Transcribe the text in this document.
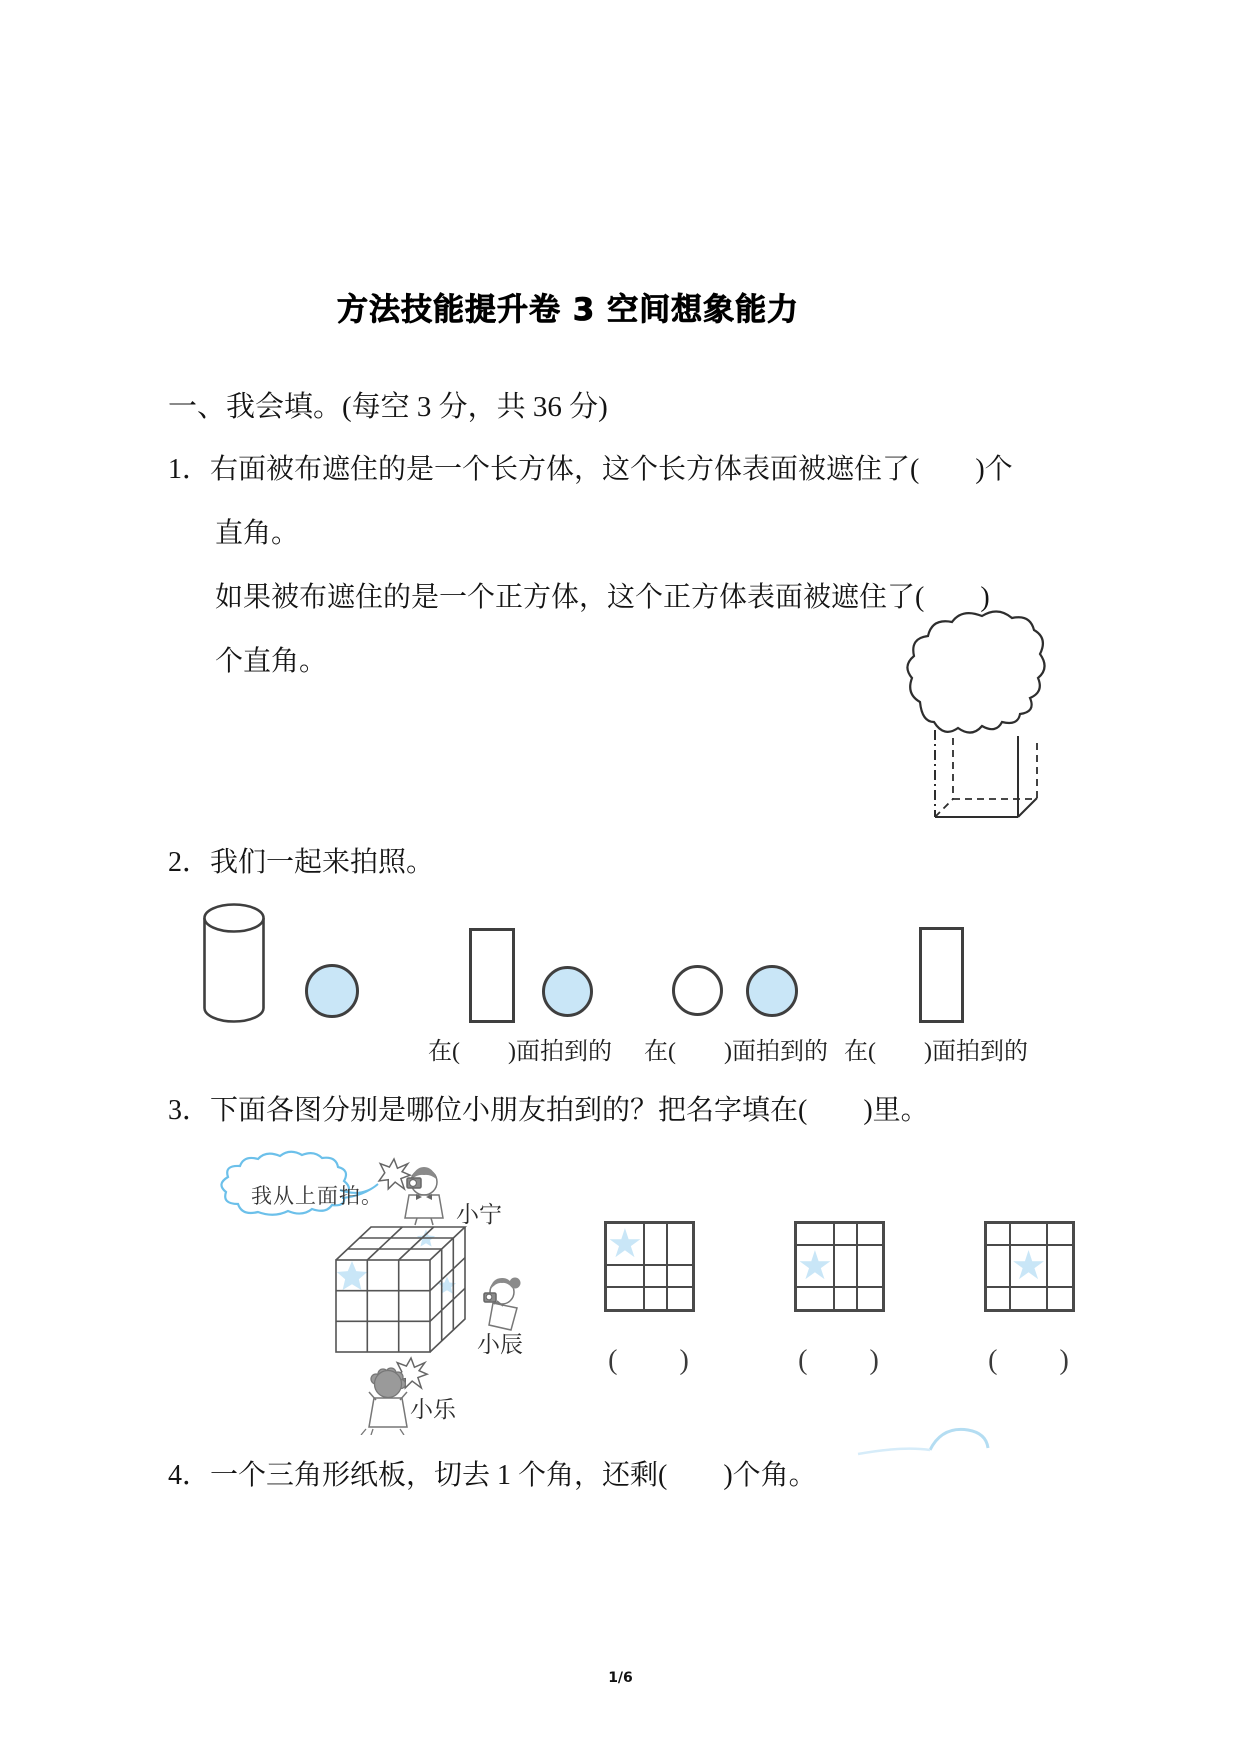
方法技能提升卷 3 空间想象能力
一、我会填。(每空 3 分，共 36 分)
1．右面被布遮住的是一个长方体，这个长方体表面被遮住了(　　)个
直角。
如果被布遮住的是一个正方体，这个正方体表面被遮住了(　　)
个直角。
2．我们一起来拍照。
在(　　)面拍到的 在(　　)面拍到的 在(　　)面拍到的
3．下面各图分别是哪位小朋友拍到的？把名字填在(　　)里。
我从上面拍。
小宁
小辰
小乐
★
★
★
(　　)	(　　)	(　　)
4．一个三角形纸板，切去 1 个角，还剩(　　)个角。
1/6
